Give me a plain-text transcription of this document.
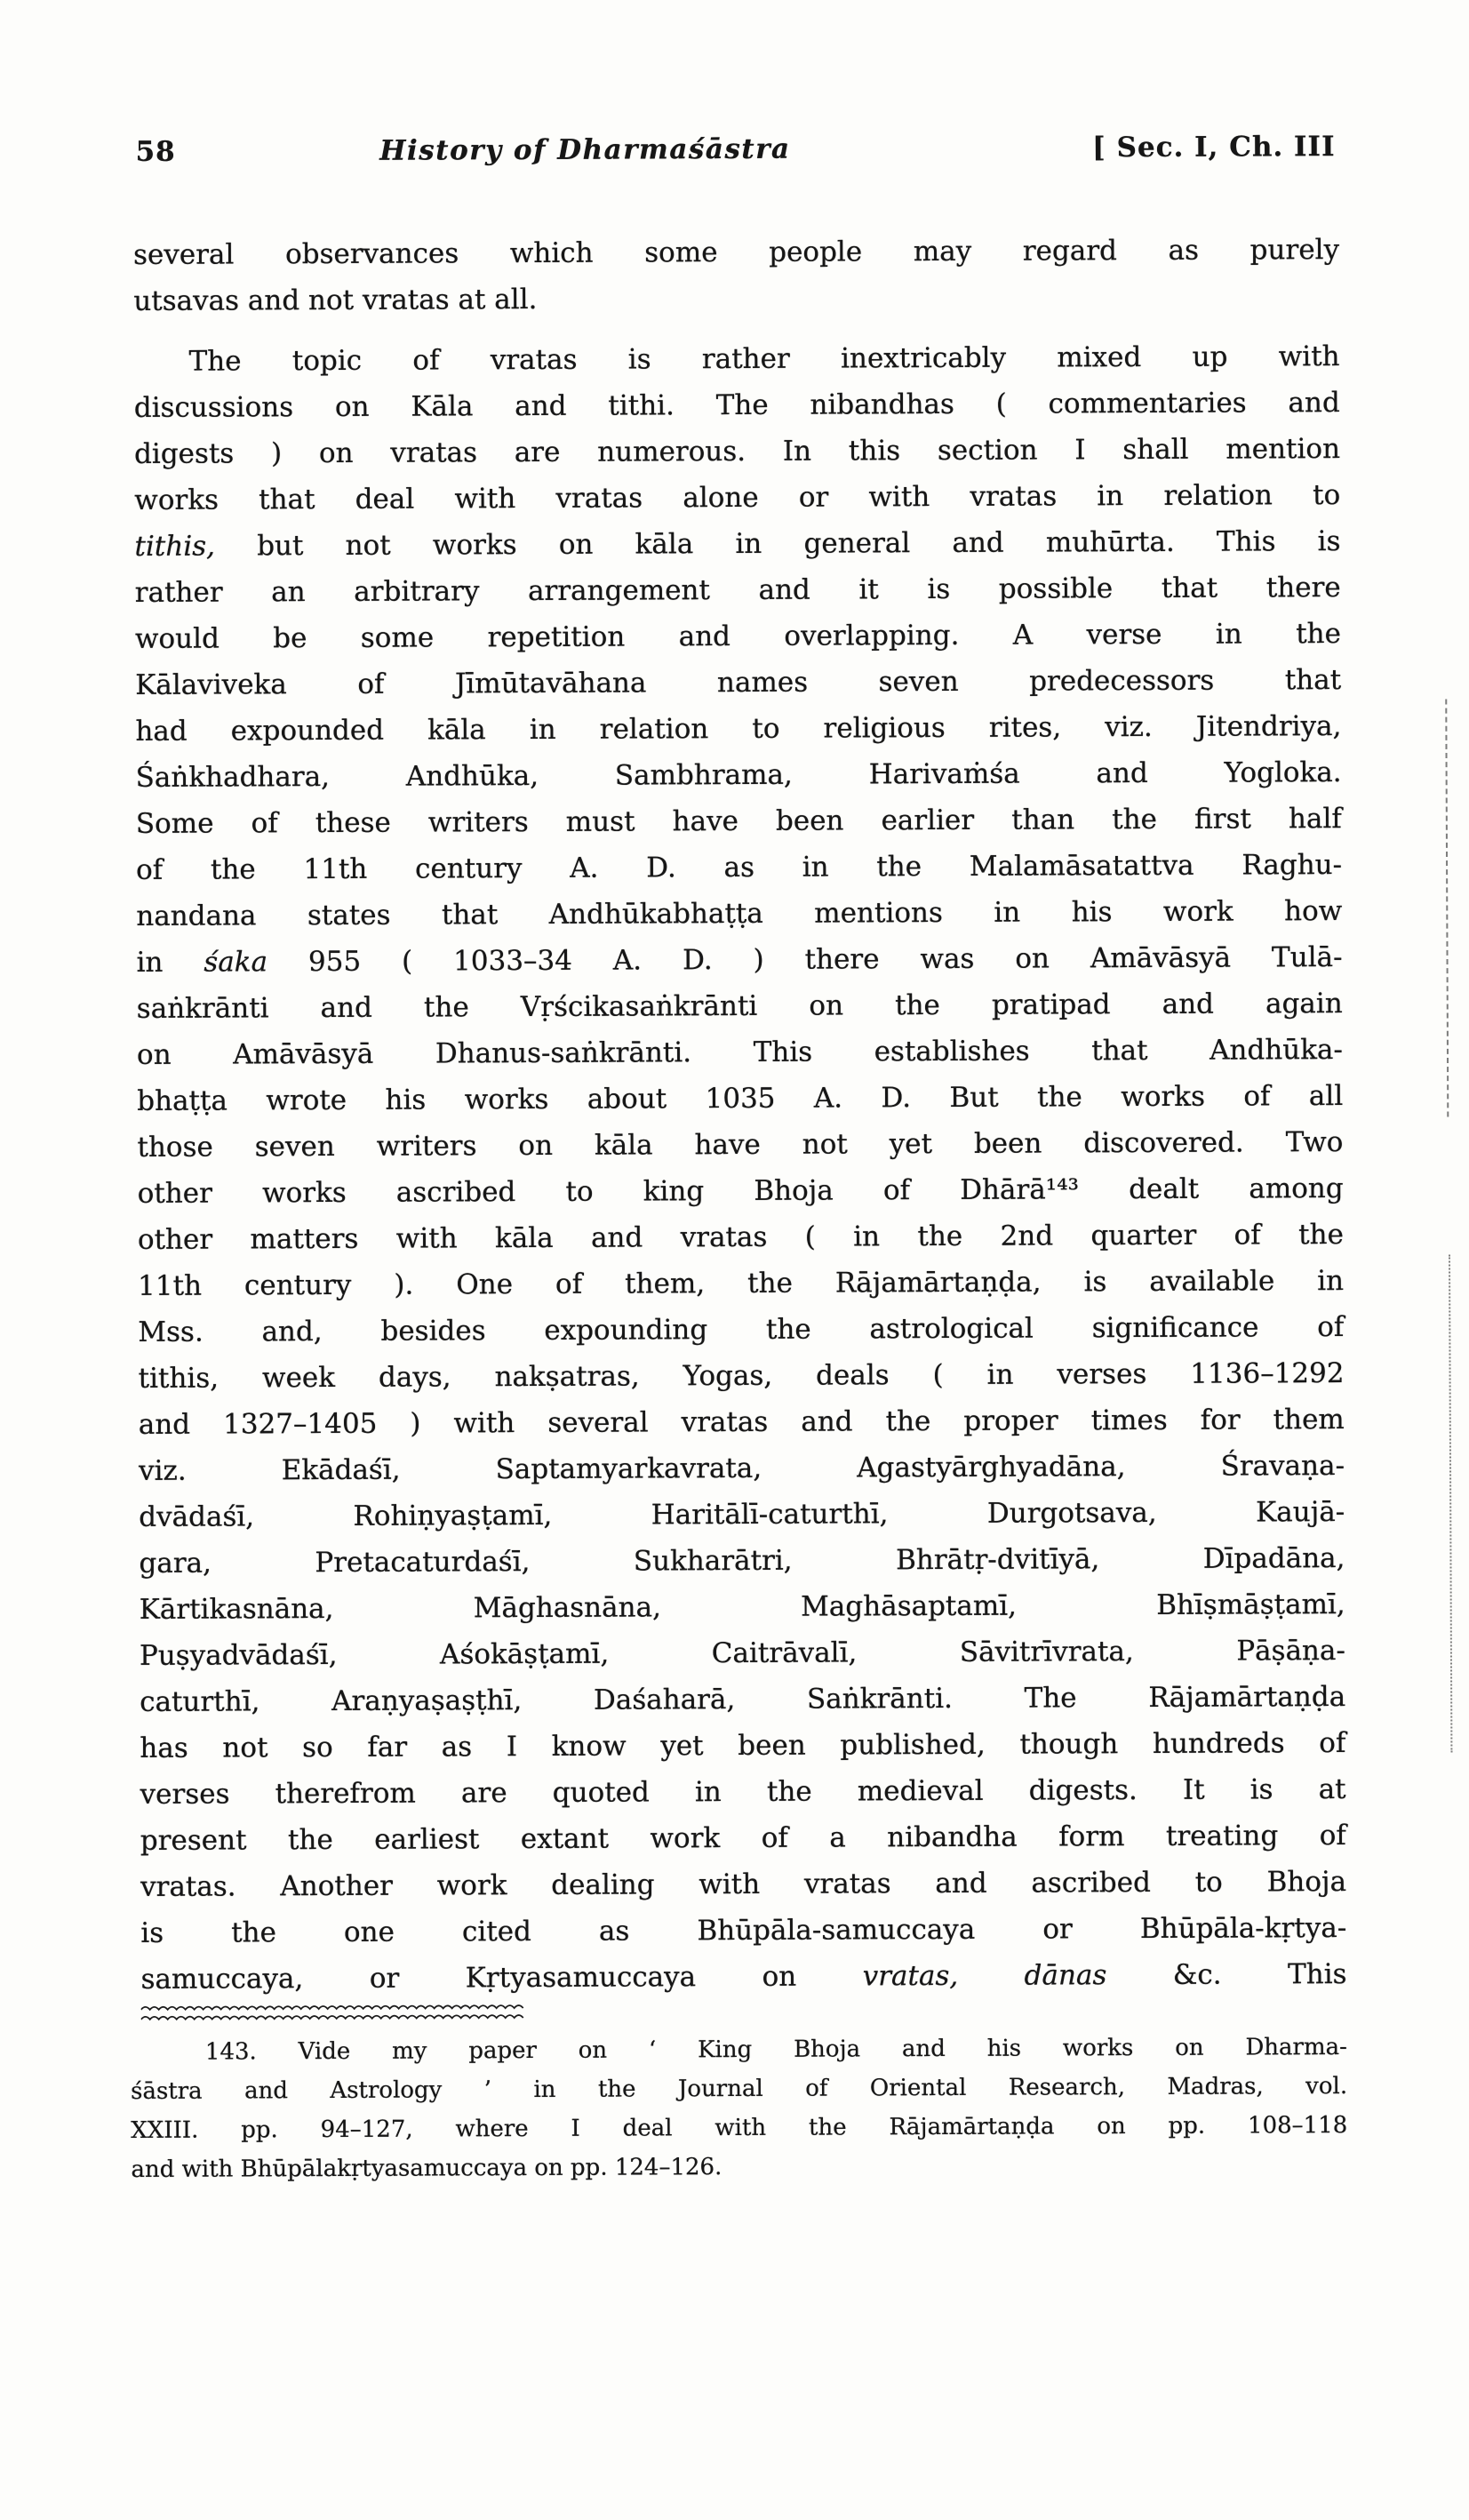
58	History of Dharmaśāstra	[ Sec. I, Ch. III
several observances which some people may regard as purely
utsavas and not vratas at all.
The topic of vratas is rather inextricably mixed up with
discussions on Kāla and tithi. The nibandhas ( commentaries and
digests ) on vratas are numerous. In this section I shall mention
works that deal with vratas alone or with vratas in relation to
tithis, but not works on kāla in general and muhūrta. This is
rather an arbitrary arrangement and it is possible that there
would be some repetition and overlapping. A verse in the
Kālaviveka of Jīmūtavāhana names seven predecessors that
had expounded kāla in relation to religious rites, viz. Jitendriya,
Śaṅkhadhara, Andhūka, Sambhrama, Harivaṁśa and Yogloka.
Some of these writers must have been earlier than the first half
of the 11th century A. D. as in the Malamāsatattva Raghu-
nandana states that Andhūkabhaṭṭa mentions in his work how
in śaka 955 ( 1033–34 A. D. ) there was on Amāvāsyā Tulā-
saṅkrānti and the Vṛścikasaṅkrānti on the pratipad and again
on Amāvāsyā Dhanus-saṅkrānti. This establishes that Andhūka-
bhaṭṭa wrote his works about 1035 A. D. But the works of all
those seven writers on kāla have not yet been discovered. Two
other works ascribed to king Bhoja of Dhārā¹⁴³ dealt among
other matters with kāla and vratas ( in the 2nd quarter of the
11th century ). One of them, the Rājamārtaṇḍa, is available in
Mss. and, besides expounding the astrological significance of
tithis, week days, nakṣatras, Yogas, deals ( in verses 1136–1292
and 1327–1405 ) with several vratas and the proper times for them
viz. Ekādaśī, Saptamyarkavrata, Agastyārghyadāna, Śravaṇa-
dvādaśī, Rohiṇyaṣṭamī, Haritālī-caturthī, Durgotsava, Kaujā-
gara, Pretacaturdaśī, Sukharātri, Bhrātṛ-dvitīyā, Dīpadāna,
Kārtikasnāna, Māghasnāna, Maghāsaptamī, Bhīṣmāṣṭamī,
Puṣyadvādaśī, Aśokāṣṭamī, Caitrāvalī, Sāvitrīvrata, Pāṣāṇa-
caturthī, Araṇyaṣaṣṭhī, Daśaharā, Saṅkrānti. The Rājamārtaṇḍa
has not so far as I know yet been published, though hundreds of
verses therefrom are quoted in the medieval digests. It is at
present the earliest extant work of a nibandha form treating of
vratas. Another work dealing with vratas and ascribed to Bhoja
is the one cited as Bhūpāla-samuccaya or Bhūpāla-kṛtya-
samuccaya, or Kṛtyasamuccaya on vratas, dānas &c. This
143. Vide my paper on ‘ King Bhoja and his works on Dharma-
śāstra and Astrology ’ in the Journal of Oriental Research, Madras, vol.
XXIII. pp. 94–127, where I deal with the Rājamārtaṇḍa on pp. 108–118
and with Bhūpālakṛtyasamuccaya on pp. 124–126.
